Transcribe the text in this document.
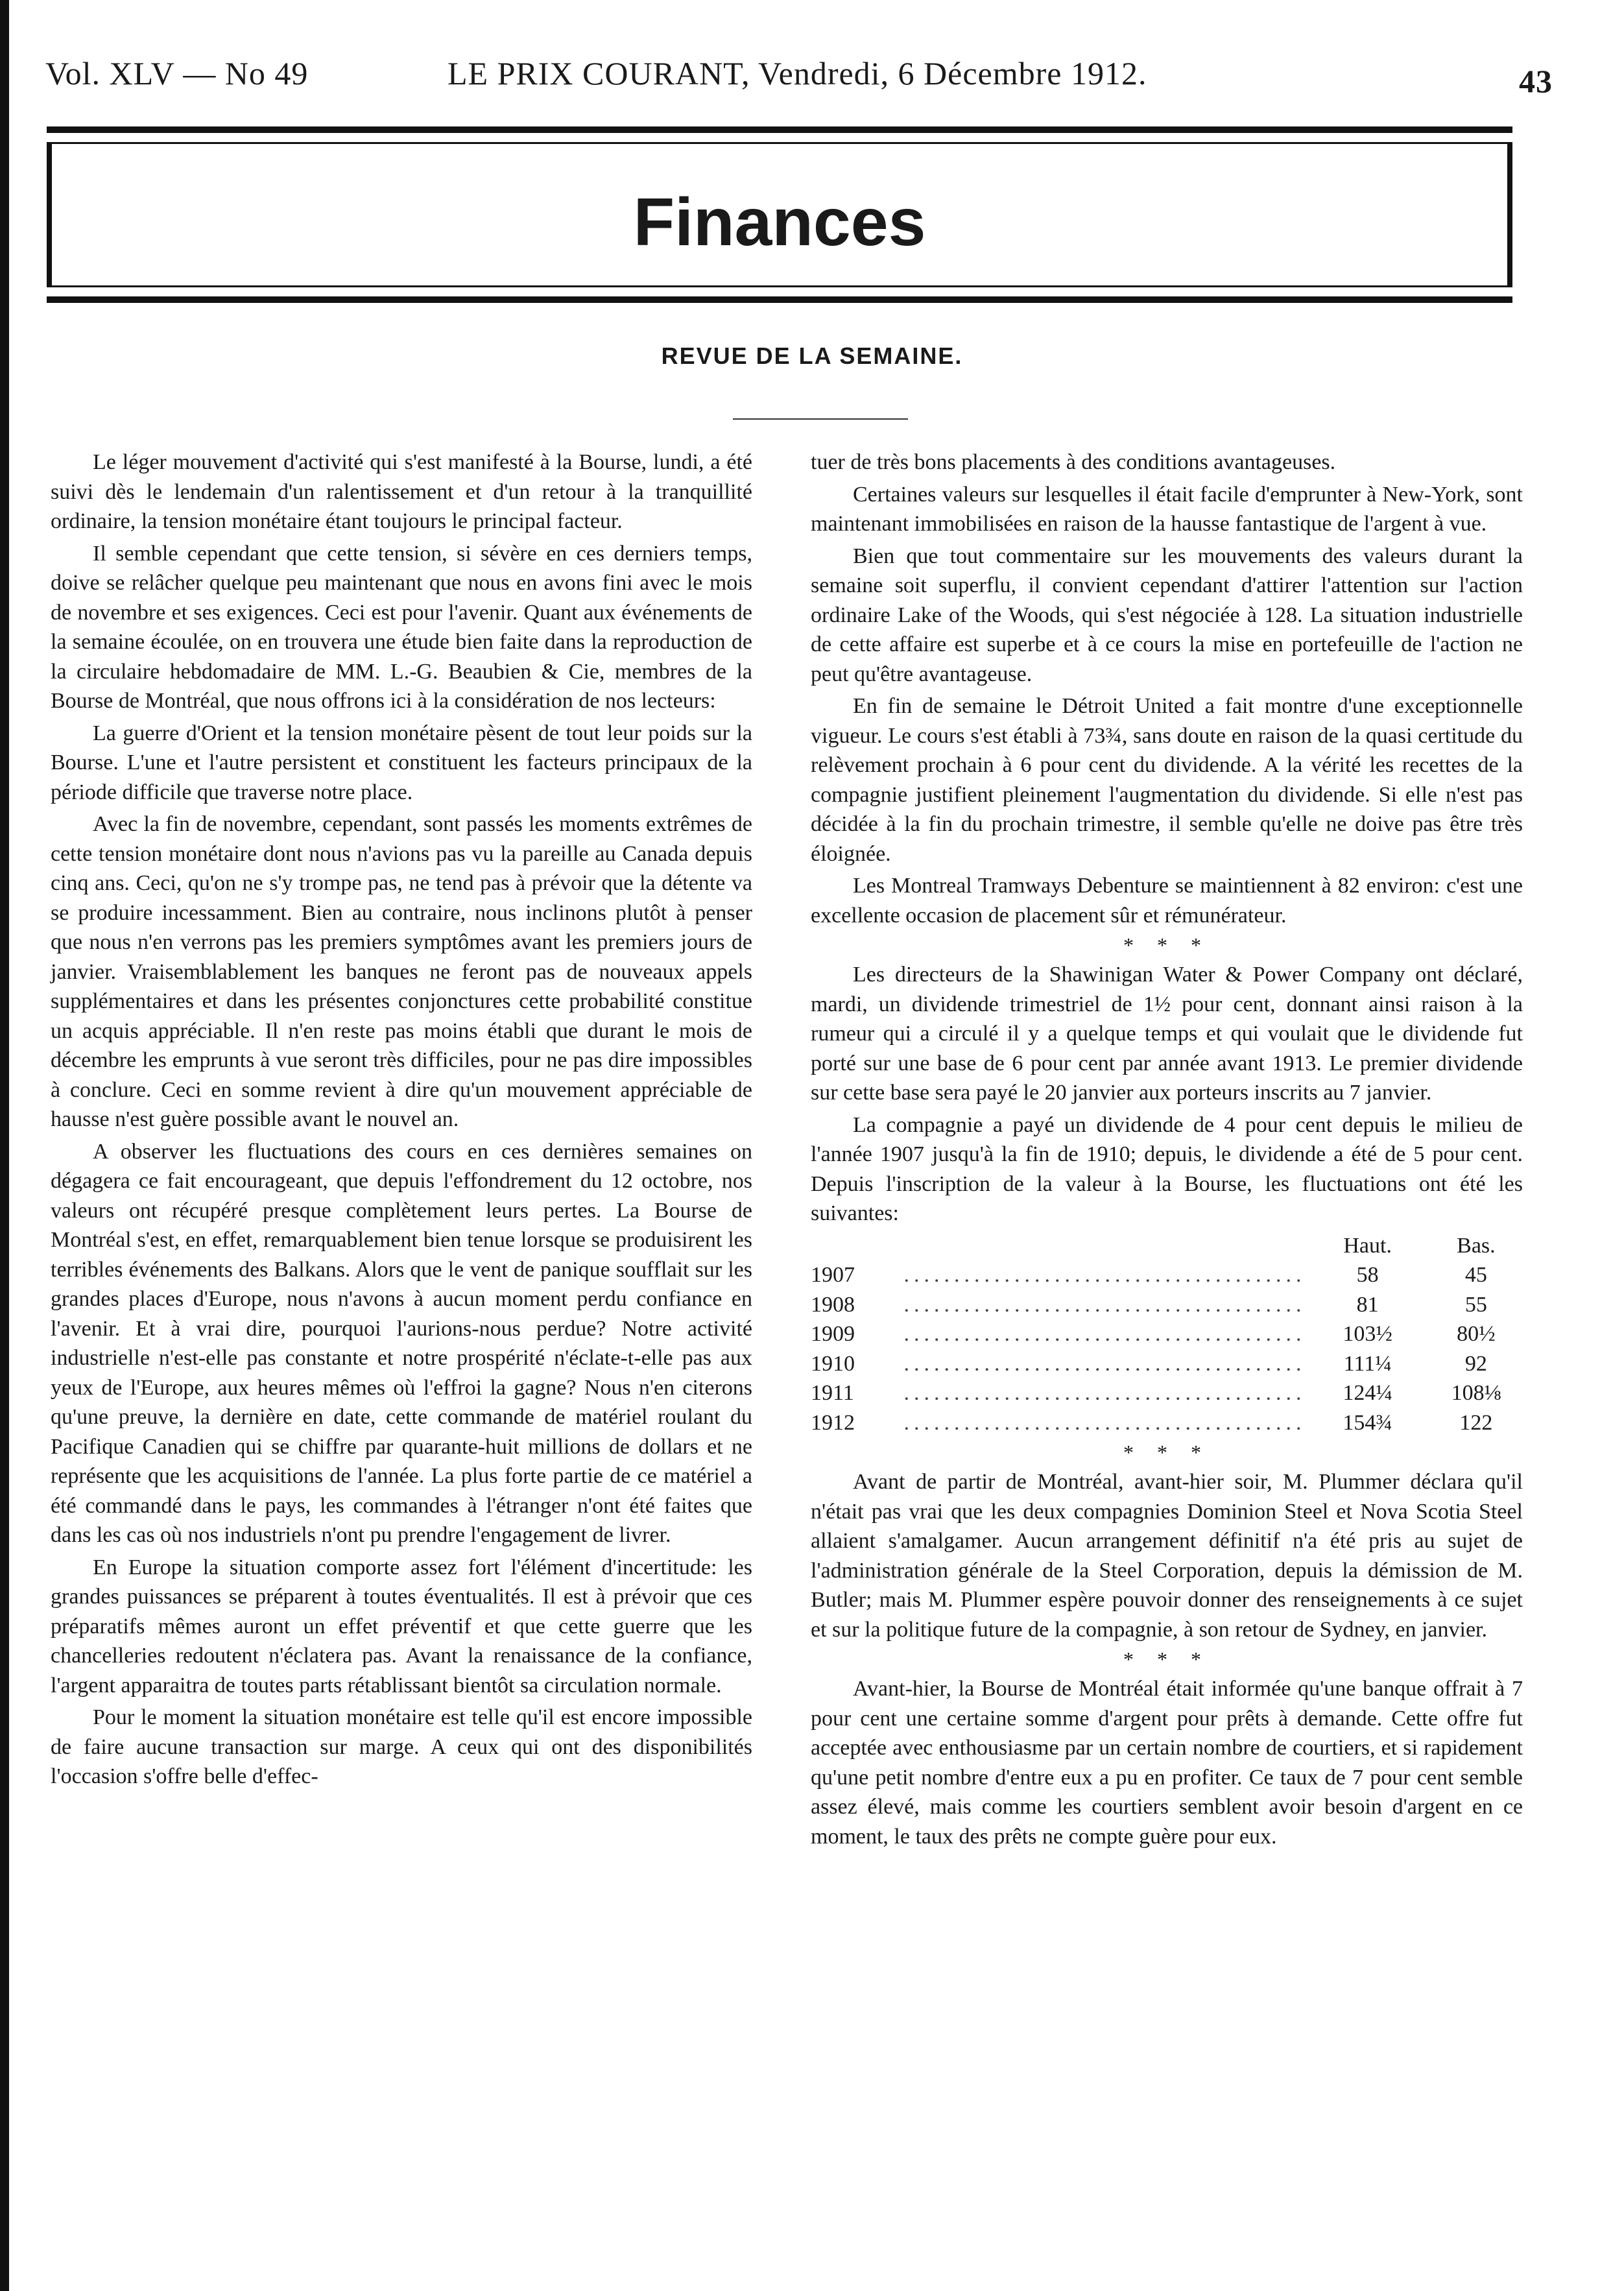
Vol. XLV — No 49	LE PRIX COURANT, Vendredi, 6 Décembre 1912.	43
Finances
REVUE DE LA SEMAINE.

Le léger mouvement d'activité qui s'est manifesté à la Bourse, lundi, a été suivi dès le lendemain d'un ralentissement et d'un retour à la tranquillité ordinaire, la tension monétaire étant toujours le principal facteur.

Il semble cependant que cette tension, si sévère en ces derniers temps, doive se relâcher quelque peu maintenant que nous en avons fini avec le mois de novembre et ses exigences. Ceci est pour l'avenir. Quant aux événements de la semaine écoulée, on en trouvera une étude bien faite dans la reproduction de la circulaire hebdomadaire de MM. L.-G. Beaubien & Cie, membres de la Bourse de Montréal, que nous offrons ici à la considération de nos lecteurs:

La guerre d'Orient et la tension monétaire pèsent de tout leur poids sur la Bourse. L'une et l'autre persistent et constituent les facteurs principaux de la période difficile que traverse notre place.

Avec la fin de novembre, cependant, sont passés les moments extrêmes de cette tension monétaire dont nous n'avions pas vu la pareille au Canada depuis cinq ans. Ceci, qu'on ne s'y trompe pas, ne tend pas à prévoir que la détente va se produire incessamment. Bien au contraire, nous inclinons plutôt à penser que nous n'en verrons pas les premiers symptômes avant les premiers jours de janvier. Vraisemblablement les banques ne feront pas de nouveaux appels supplémentaires et dans les présentes conjonctures cette probabilité constitue un acquis appréciable. Il n'en reste pas moins établi que durant le mois de décembre les emprunts à vue seront très difficiles, pour ne pas dire impossibles à conclure. Ceci en somme revient à dire qu'un mouvement appréciable de hausse n'est guère possible avant le nouvel an.

A observer les fluctuations des cours en ces dernières semaines on dégagera ce fait encourageant, que depuis l'effondrement du 12 octobre, nos valeurs ont récupéré presque complètement leurs pertes. La Bourse de Montréal s'est, en effet, remarquablement bien tenue lorsque se produisirent les terribles événements des Balkans. Alors que le vent de panique soufflait sur les grandes places d'Europe, nous n'avons à aucun moment perdu confiance en l'avenir. Et à vrai dire, pourquoi l'aurions-nous perdue? Notre activité industrielle n'est-elle pas constante et notre prospérité n'éclate-t-elle pas aux yeux de l'Europe, aux heures mêmes où l'effroi la gagne? Nous n'en citerons qu'une preuve, la dernière en date, cette commande de matériel roulant du Pacifique Canadien qui se chiffre par quarante-huit millions de dollars et ne représente que les acquisitions de l'année. La plus forte partie de ce matériel a été commandé dans le pays, les commandes à l'étranger n'ont été faites que dans les cas où nos industriels n'ont pu prendre l'engagement de livrer.

En Europe la situation comporte assez fort l'élément d'incertitude: les grandes puissances se préparent à toutes éventualités. Il est à prévoir que ces préparatifs mêmes auront un effet préventif et que cette guerre que les chancelleries redoutent n'éclatera pas. Avant la renaissance de la confiance, l'argent apparaitra de toutes parts rétablissant bientôt sa circulation normale.

Pour le moment la situation monétaire est telle qu'il est encore impossible de faire aucune transaction sur marge. A ceux qui ont des disponibilités l'occasion s'offre belle d'effec-

tuer de très bons placements à des conditions avantageuses.

Certaines valeurs sur lesquelles il était facile d'emprunter à New-York, sont maintenant immobilisées en raison de la hausse fantastique de l'argent à vue.

Bien que tout commentaire sur les mouvements des valeurs durant la semaine soit superflu, il convient cependant d'attirer l'attention sur l'action ordinaire Lake of the Woods, qui s'est négociée à 128. La situation industrielle de cette affaire est superbe et à ce cours la mise en portefeuille de l'action ne peut qu'être avantageuse.

En fin de semaine le Détroit United a fait montre d'une exceptionnelle vigueur. Le cours s'est établi à 73¾, sans doute en raison de la quasi certitude du relèvement prochain à 6 pour cent du dividende. A la vérité les recettes de la compagnie justifient pleinement l'augmentation du dividende. Si elle n'est pas décidée à la fin du prochain trimestre, il semble qu'elle ne doive pas être très éloignée.

Les Montreal Tramways Debenture se maintiennent à 82 environ: c'est une excellente occasion de placement sûr et rémunérateur.

* * *

Les directeurs de la Shawinigan Water & Power Company ont déclaré, mardi, un dividende trimestriel de 1½ pour cent, donnant ainsi raison à la rumeur qui a circulé il y a quelque temps et qui voulait que le dividende fut porté sur une base de 6 pour cent par année avant 1913. Le premier dividende sur cette base sera payé le 20 janvier aux porteurs inscrits au 7 janvier.

La compagnie a payé un dividende de 4 pour cent depuis le milieu de l'année 1907 jusqu'à la fin de 1910; depuis, le dividende a été de 5 pour cent. Depuis l'inscription de la valeur à la Bourse, les fluctuations ont été les suivantes:

		Haut.	Bas.
1907	........................................	58	45
1908	........................................	81	55
1909	........................................	103½	80½
1910	........................................	111¼	92
1911	........................................	124¼	108⅛
1912	........................................	154¾	122
* * *

Avant de partir de Montréal, avant-hier soir, M. Plummer déclara qu'il n'était pas vrai que les deux compagnies Dominion Steel et Nova Scotia Steel allaient s'amalgamer. Aucun arrangement définitif n'a été pris au sujet de l'administration générale de la Steel Corporation, depuis la démission de M. Butler; mais M. Plummer espère pouvoir donner des renseignements à ce sujet et sur la politique future de la compagnie, à son retour de Sydney, en janvier.

* * *

Avant-hier, la Bourse de Montréal était informée qu'une banque offrait à 7 pour cent une certaine somme d'argent pour prêts à demande. Cette offre fut acceptée avec enthousiasme par un certain nombre de courtiers, et si rapidement qu'une petit nombre d'entre eux a pu en profiter. Ce taux de 7 pour cent semble assez élevé, mais comme les courtiers semblent avoir besoin d'argent en ce moment, le taux des prêts ne compte guère pour eux.
